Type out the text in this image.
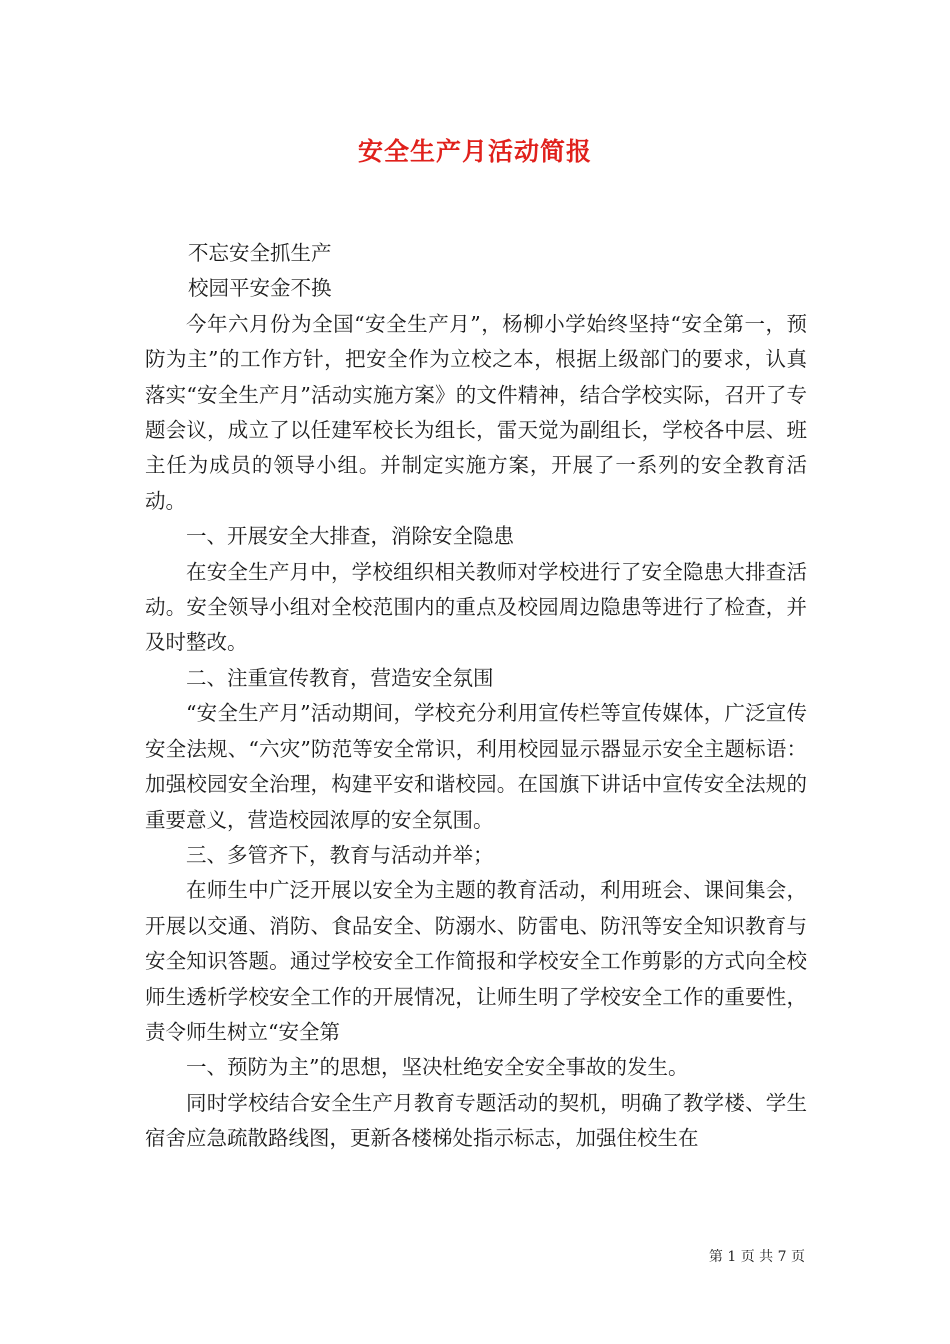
安全生产月活动简报

不忘安全抓生产

校园平安金不换

今年六月份为全国“安全生产月”，杨柳小学始终坚持“安全第一，预防为主”的工作方针，把安全作为立校之本，根据上级部门的要求，认真落实“安全生产月”活动实施方案》的文件精神，结合学校实际，召开了专题会议，成立了以任建军校长为组长，雷天觉为副组长，学校各中层、班主任为成员的领导小组。并制定实施方案，开展了一系列的安全教育活动。

一、开展安全大排查，消除安全隐患

在安全生产月中，学校组织相关教师对学校进行了安全隐患大排查活动。安全领导小组对全校范围内的重点及校园周边隐患等进行了检查，并及时整改。

二、注重宣传教育，营造安全氛围

“安全生产月”活动期间，学校充分利用宣传栏等宣传媒体，广泛宣传安全法规、“六灾”防范等安全常识，利用校园显示器显示安全主题标语：加强校园安全治理，构建平安和谐校园。在国旗下讲话中宣传安全法规的重要意义，营造校园浓厚的安全氛围。

三、多管齐下，教育与活动并举；

在师生中广泛开展以安全为主题的教育活动，利用班会、课间集会，开展以交通、消防、食品安全、防溺水、防雷电、防汛等安全知识教育与安全知识答题。通过学校安全工作简报和学校安全工作剪影的方式向全校师生透析学校安全工作的开展情况，让师生明了学校安全工作的重要性，责令师生树立“安全第

一、预防为主”的思想，坚决杜绝安全安全事故的发生。

同时学校结合安全生产月教育专题活动的契机，明确了教学楼、学生宿舍应急疏散路线图，更新各楼梯处指示标志，加强住校生在

第 1 页 共 7 页
